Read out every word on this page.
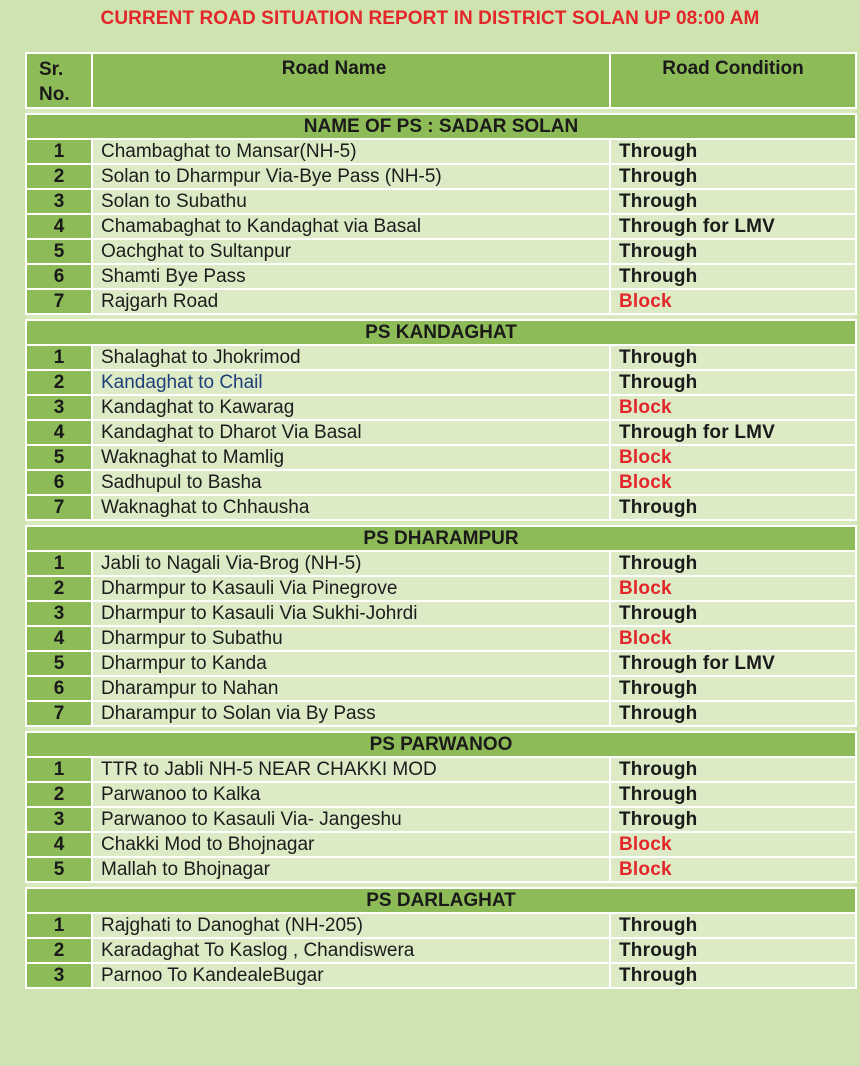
CURRENT ROAD SITUATION REPORT IN DISTRICT SOLAN UP 08:00 AM
Sr. No.	Road Name	Road Condition

NAME OF PS : SADAR SOLAN		
1	Chambaghat to Mansar(NH-5)	Through
2	Solan to Dharmpur Via-Bye Pass (NH-5)	Through
3	Solan to Subathu	Through
4	Chamabaghat to Kandaghat via Basal	Through for LMV
5	Oachghat to Sultanpur	Through
6	Shamti Bye Pass	Through
7	Rajgarh Road	Block

PS KANDAGHAT		
1	Shalaghat to Jhokrimod	Through
2	Kandaghat to Chail	Through
3	Kandaghat to Kawarag	Block
4	Kandaghat to Dharot Via Basal	Through for LMV
5	Waknaghat to Mamlig	Block
6	Sadhupul to Basha	Block
7	Waknaghat to Chhausha	Through

PS DHARAMPUR		
1	Jabli to Nagali Via-Brog (NH-5)	Through
2	Dharmpur to Kasauli Via Pinegrove	Block
3	Dharmpur to Kasauli Via Sukhi-Johrdi	Through
4	Dharmpur to Subathu	Block
5	Dharmpur to Kanda	Through for LMV
6	Dharampur to Nahan	Through
7	Dharampur to Solan via By Pass	Through

PS PARWANOO		
1	TTR to Jabli NH-5 NEAR CHAKKI MOD	Through
2	Parwanoo to Kalka	Through
3	Parwanoo to Kasauli Via- Jangeshu	Through
4	Chakki Mod to Bhojnagar	Block
5	Mallah to Bhojnagar	Block

PS DARLAGHAT		
1	Rajghati to Danoghat (NH-205)	Through
2	Karadaghat To Kaslog , Chandiswera	Through
3	Parnoo To KandealeBugar	Through
